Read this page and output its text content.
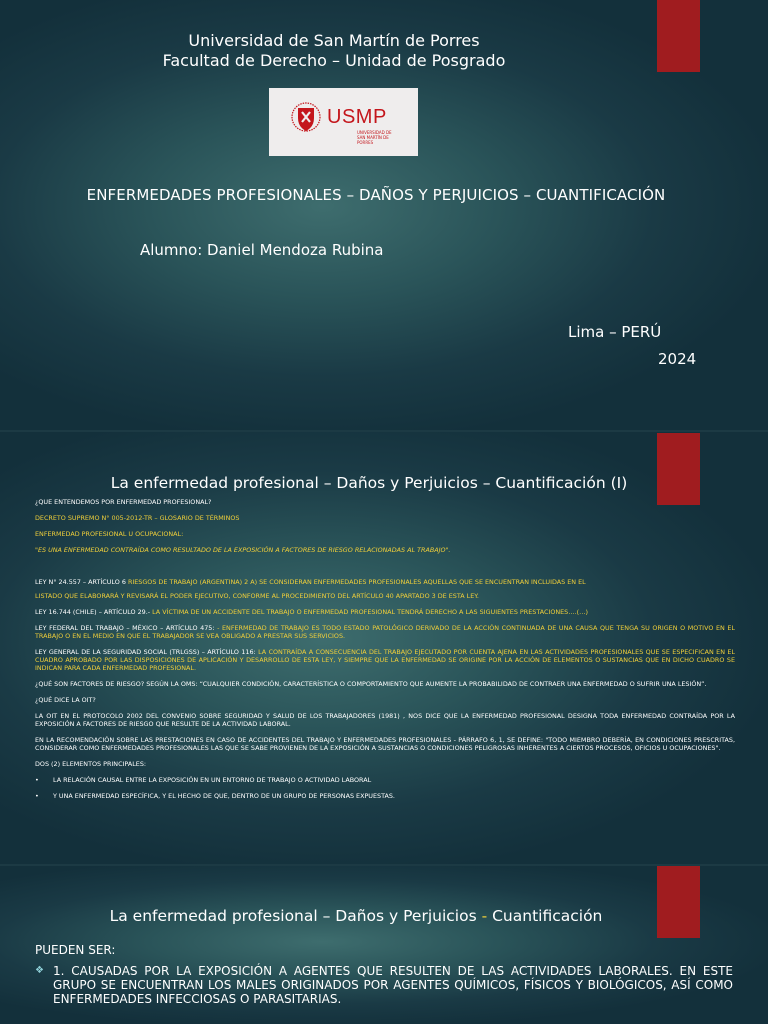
Universidad de San Martín de Porres
Facultad de Derecho – Unidad de Posgrado
USMP
UNIVERSIDAD DE SAN MARTÍN DE PORRES
ENFERMEDADES PROFESIONALES – DAÑOS Y PERJUICIOS – CUANTIFICACIÓN
Alumno: Daniel Mendoza Rubina
Lima – PERÚ
2024
La enfermedad profesional – Daños y Perjuicios – Cuantificación (I)

¿QUE ENTENDEMOS POR ENFERMEDAD PROFESIONAL?

DECRETO SUPREMO N° 005-2012-TR – GLOSARIO DE TÉRMINOS

ENFERMEDAD PROFESIONAL U OCUPACIONAL:

"ES UNA ENFERMEDAD CONTRAÍDA COMO RESULTADO DE LA EXPOSICIÓN A FACTORES DE RIESGO RELACIONADAS AL TRABAJO".

LEY N° 24.557 – ARTÍCULO 6 RIESGOS DE TRABAJO (ARGENTINA) 2 A) SE CONSIDERAN ENFERMEDADES PROFESIONALES AQUELLAS QUE SE ENCUENTRAN INCLUIDAS EN EL

LISTADO QUE ELABORARÁ Y REVISARÁ EL PODER EJECUTIVO, CONFORME AL PROCEDIMIENTO DEL ARTÍCULO 40 APARTADO 3 DE ESTA LEY.

LEY 16.744 (CHILE) – ARTÍCULO 29.- LA VÍCTIMA DE UN ACCIDENTE DEL TRABAJO O ENFERMEDAD PROFESIONAL TENDRÁ DERECHO A LAS SIGUIENTES PRESTACIONES….(…)

LEY FEDERAL DEL TRABAJO – MÉXICO – ARTÍCULO 475: - ENFERMEDAD DE TRABAJO ES TODO ESTADO PATOLÓGICO DERIVADO DE LA ACCIÓN CONTINUADA DE UNA CAUSA QUE TENGA SU ORIGEN O MOTIVO EN EL TRABAJO O EN EL MEDIO EN QUE EL TRABAJADOR SE VEA OBLIGADO A PRESTAR SUS SERVICIOS.

LEY GENERAL DE LA SEGURIDAD SOCIAL (TRLGSS) – ARTÍCULO 116: LA CONTRAÍDA A CONSECUENCIA DEL TRABAJO EJECUTADO POR CUENTA AJENA EN LAS ACTIVIDADES PROFESIONALES QUE SE ESPECIFICAN EN EL CUADRO APROBADO POR LAS DISPOSICIONES DE APLICACIÓN Y DESARROLLO DE ESTA LEY, Y SIEMPRE QUE LA ENFERMEDAD SE ORIGINE POR LA ACCIÓN DE ELEMENTOS O SUSTANCIAS QUE EN DICHO CUADRO SE INDICAN PARA CADA ENFERMEDAD PROFESIONAL.

¿QUÉ SON FACTORES DE RIESGO? SEGÚN LA OMS: “CUALQUIER CONDICIÓN, CARACTERÍSTICA O COMPORTAMIENTO QUE AUMENTE LA PROBABILIDAD DE CONTRAER UNA ENFERMEDAD O SUFRIR UNA LESIÓN”.

¿QUÉ DICE LA OIT?

LA OIT EN EL PROTOCOLO 2002 DEL CONVENIO SOBRE SEGURIDAD Y SALUD DE LOS TRABAJADORES (1981) , NOS DICE QUE LA ENFERMEDAD PROFESIONAL DESIGNA TODA ENFERMEDAD CONTRAÍDA POR LA EXPOSICIÓN A FACTORES DE RIESGO QUE RESULTE DE LA ACTIVIDAD LABORAL.

EN LA RECOMENDACIÓN SOBRE LAS PRESTACIONES EN CASO DE ACCIDENTES DEL TRABAJO Y ENFERMEDADES PROFESIONALES - PÁRRAFO 6, 1, SE DEFINE: "TODO MIEMBRO DEBERÍA, EN CONDICIONES PRESCRITAS, CONSIDERAR COMO ENFERMEDADES PROFESIONALES LAS QUE SE SABE PROVIENEN DE LA EXPOSICIÓN A SUSTANCIAS O CONDICIONES PELIGROSAS INHERENTES A CIERTOS PROCESOS, OFICIOS U OCUPACIONES".

DOS (2) ELEMENTOS PRINCIPALES:

• LA RELACIÓN CAUSAL ENTRE LA EXPOSICIÓN EN UN ENTORNO DE TRABAJO O ACTIVIDAD LABORAL
• Y UNA ENFERMEDAD ESPECÍFICA, Y EL HECHO DE QUE, DENTRO DE UN GRUPO DE PERSONAS EXPUESTAS.
La enfermedad profesional – Daños y Perjuicios - Cuantificación
PUEDEN SER:
❖ 1. CAUSADAS POR LA EXPOSICIÓN A AGENTES QUE RESULTEN DE LAS ACTIVIDADES LABORALES. EN ESTE GRUPO SE ENCUENTRAN LOS MALES ORIGINADOS POR AGENTES QUÍMICOS, FÍSICOS Y BIOLÓGICOS, ASÍ COMO ENFERMEDADES INFECCIOSAS O PARASITARIAS.
